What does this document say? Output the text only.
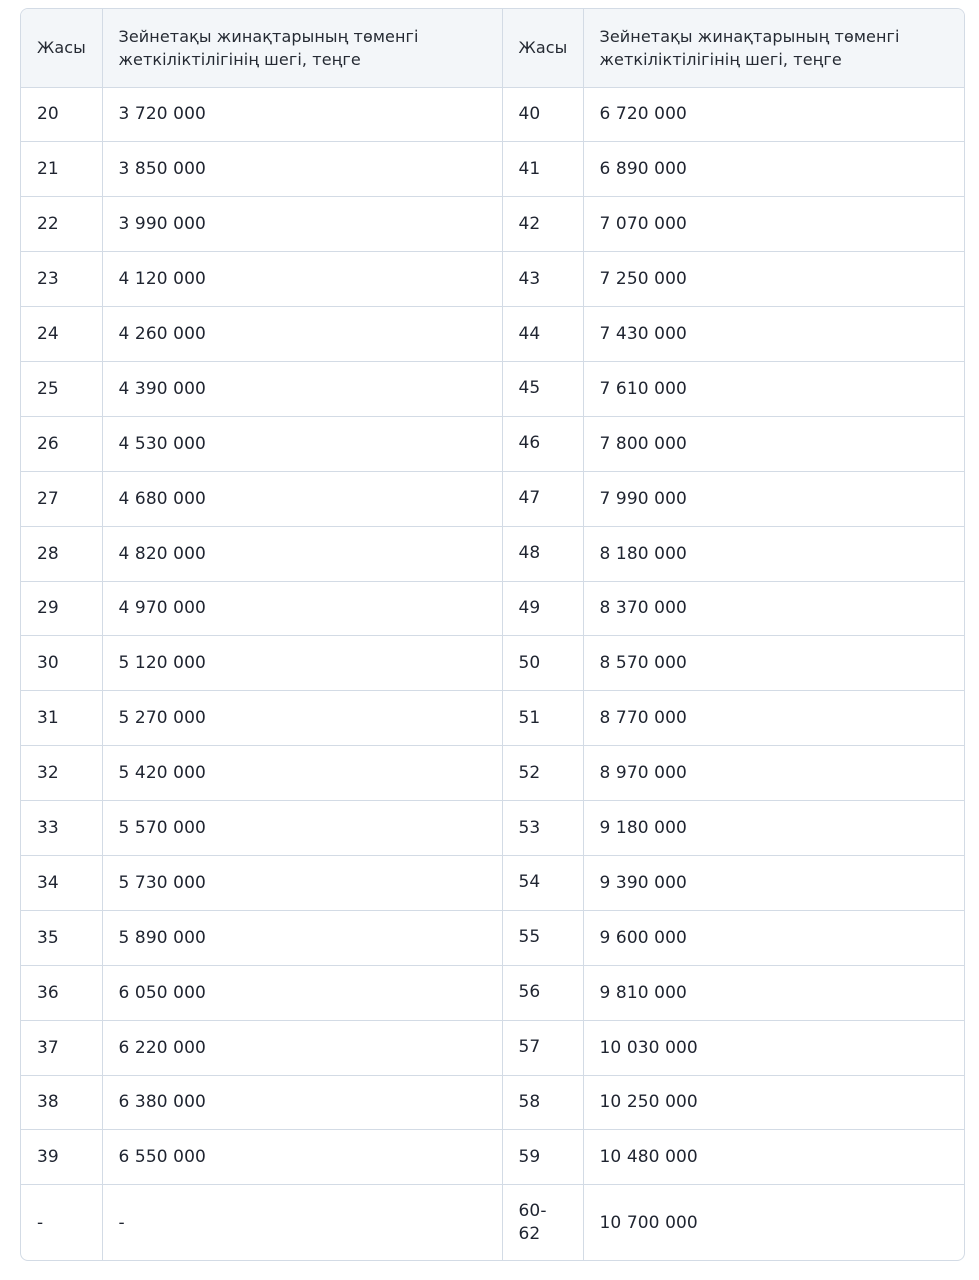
Жасы	Зейнетақы жинақтарының төменгі жеткіліктілігінің шегі, теңге	Жасы	Зейнетақы жинақтарының төменгі жеткіліктілігінің шегі, теңге
20	3 720 000	40	6 720 000
21	3 850 000	41	6 890 000
22	3 990 000	42	7 070 000
23	4 120 000	43	7 250 000
24	4 260 000	44	7 430 000
25	4 390 000	45	7 610 000
26	4 530 000	46	7 800 000
27	4 680 000	47	7 990 000
28	4 820 000	48	8 180 000
29	4 970 000	49	8 370 000
30	5 120 000	50	8 570 000
31	5 270 000	51	8 770 000
32	5 420 000	52	8 970 000
33	5 570 000	53	9 180 000
34	5 730 000	54	9 390 000
35	5 890 000	55	9 600 000
36	6 050 000	56	9 810 000
37	6 220 000	57	10 030 000
38	6 380 000	58	10 250 000
39	6 550 000	59	10 480 000
-	-	60-62	10 700 000
